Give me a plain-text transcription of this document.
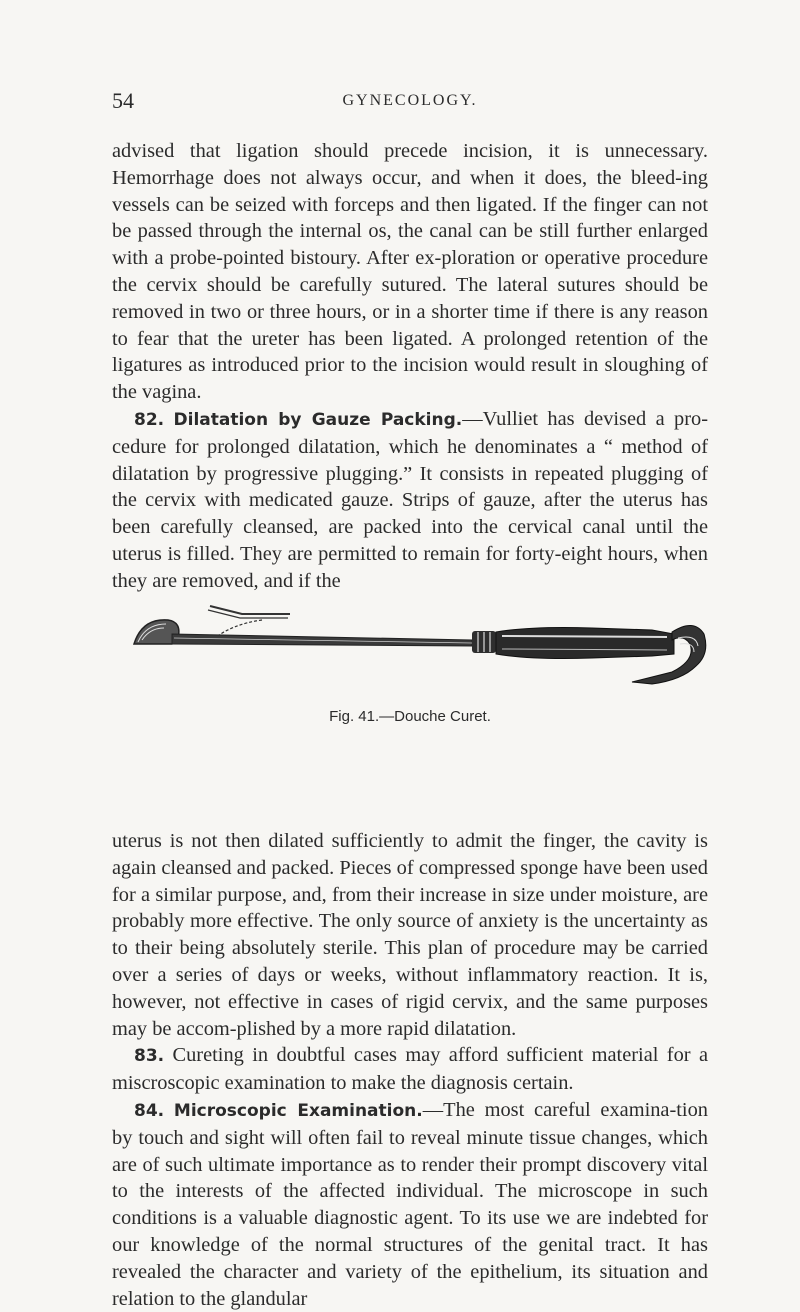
54	GYNECOLOGY.

advised that ligation should precede incision, it is unnecessary. Hemorrhage does not always occur, and when it does, the bleed-ing vessels can be seized with forceps and then ligated. If the finger can not be passed through the internal os, the canal can be still further enlarged with a probe-pointed bistoury. After ex-ploration or operative procedure the cervix should be carefully sutured. The lateral sutures should be removed in two or three hours, or in a shorter time if there is any reason to fear that the ureter has been ligated. A prolonged retention of the ligatures as introduced prior to the incision would result in sloughing of the vagina.

82. Dilatation by Gauze Packing.—Vulliet has devised a pro-cedure for prolonged dilatation, which he denominates a “ method of dilatation by progressive plugging.” It consists in repeated plugging of the cervix with medicated gauze. Strips of gauze, after the uterus has been carefully cleansed, are packed into the cervical canal until the uterus is filled. They are permitted to remain for forty-eight hours, when they are removed, and if the

Fig. 41.—Douche Curet.

uterus is not then dilated sufficiently to admit the finger, the cavity is again cleansed and packed. Pieces of compressed sponge have been used for a similar purpose, and, from their increase in size under moisture, are probably more effective. The only source of anxiety is the uncertainty as to their being absolutely sterile. This plan of procedure may be carried over a series of days or weeks, without inflammatory reaction. It is, however, not effective in cases of rigid cervix, and the same purposes may be accom-plished by a more rapid dilatation.

83. Cureting in doubtful cases may afford sufficient material for a miscroscopic examination to make the diagnosis certain.

84. Microscopic Examination.—The most careful examina-tion by touch and sight will often fail to reveal minute tissue changes, which are of such ultimate importance as to render their prompt discovery vital to the interests of the affected individual. The microscope in such conditions is a valuable diagnostic agent. To its use we are indebted for our knowledge of the normal structures of the genital tract. It has revealed the character and variety of the epithelium, its situation and relation to the glandular
